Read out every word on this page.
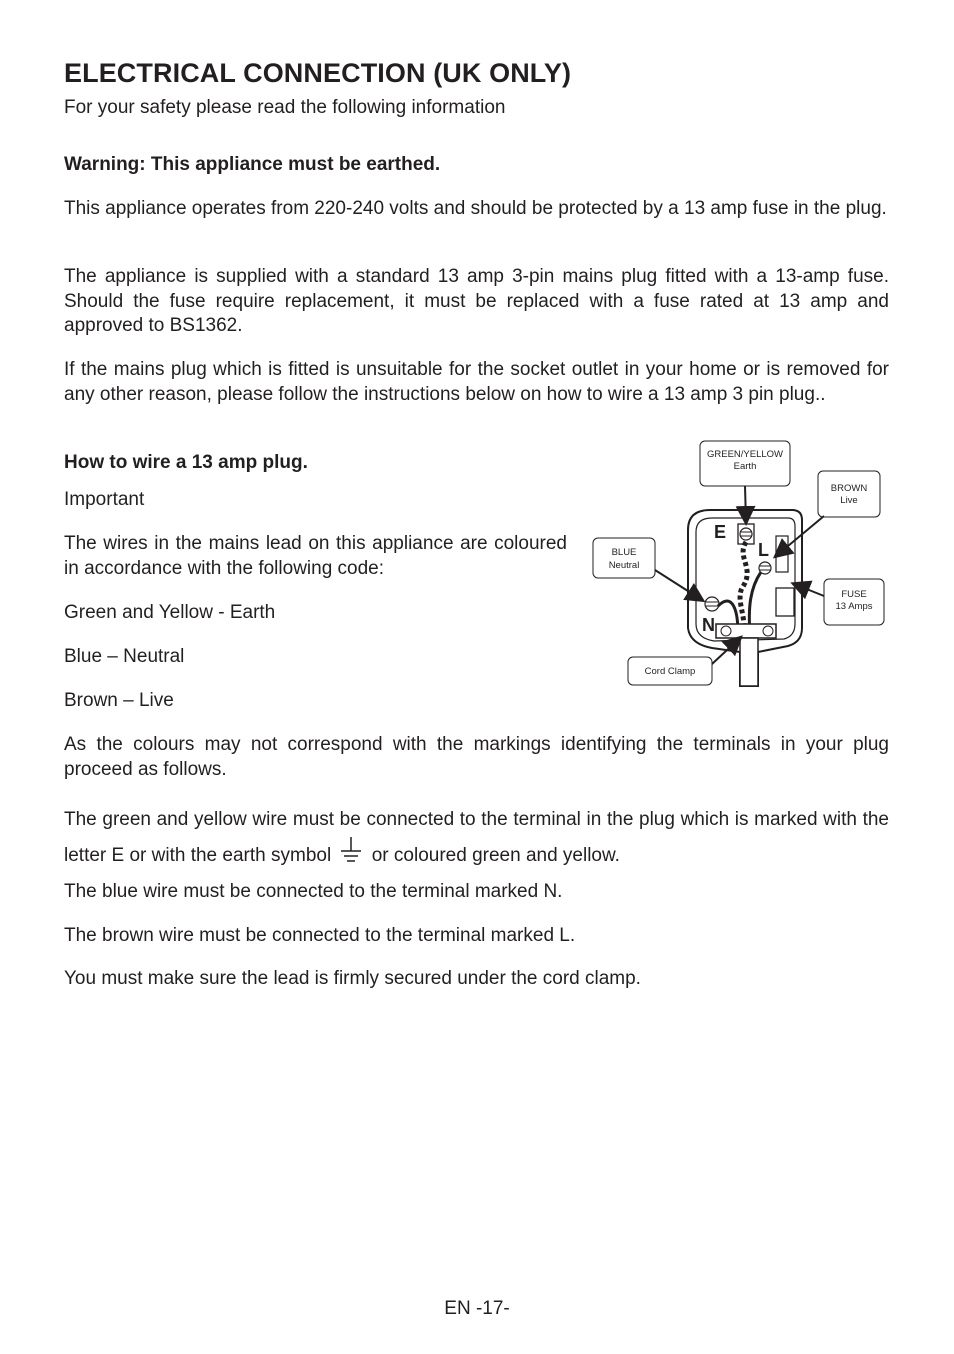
ELECTRICAL CONNECTION (UK ONLY)

For your safety please read the following information

Warning: This appliance must be earthed.

This appliance operates from 220-240 volts and should be protected by a 13 amp fuse in the plug.

The appliance is supplied with a standard 13 amp 3-pin mains plug fitted with a 13-amp fuse. Should the fuse require replacement, it must be replaced with a fuse rated at 13 amp and approved to BS1362.

If the mains plug which is fitted is unsuitable for the socket outlet in your home or is removed for any other reason, please follow the instructions below on how to wire a 13 amp 3 pin plug..

How to wire a 13 amp plug.

Important

The wires in the mains lead on this appliance are coloured in accordance with the following code:

Green and Yellow - Earth

Blue – Neutral

Brown – Live

E
L
N
GREEN/YELLOW
Earth
BROWN
Live
BLUE
Neutral
FUSE
13 Amps
Cord Clamp

As the colours may not correspond with the markings identifying the terminals in your plug proceed as follows.

The green and yellow wire must be connected to the terminal in the plug which is marked with the letter E or with the earth symbol or coloured green and yellow.

The blue wire must be connected to the terminal marked N.

The brown wire must be connected to the terminal marked L.

You must make sure the lead is firmly secured under the cord clamp.

EN -17-
